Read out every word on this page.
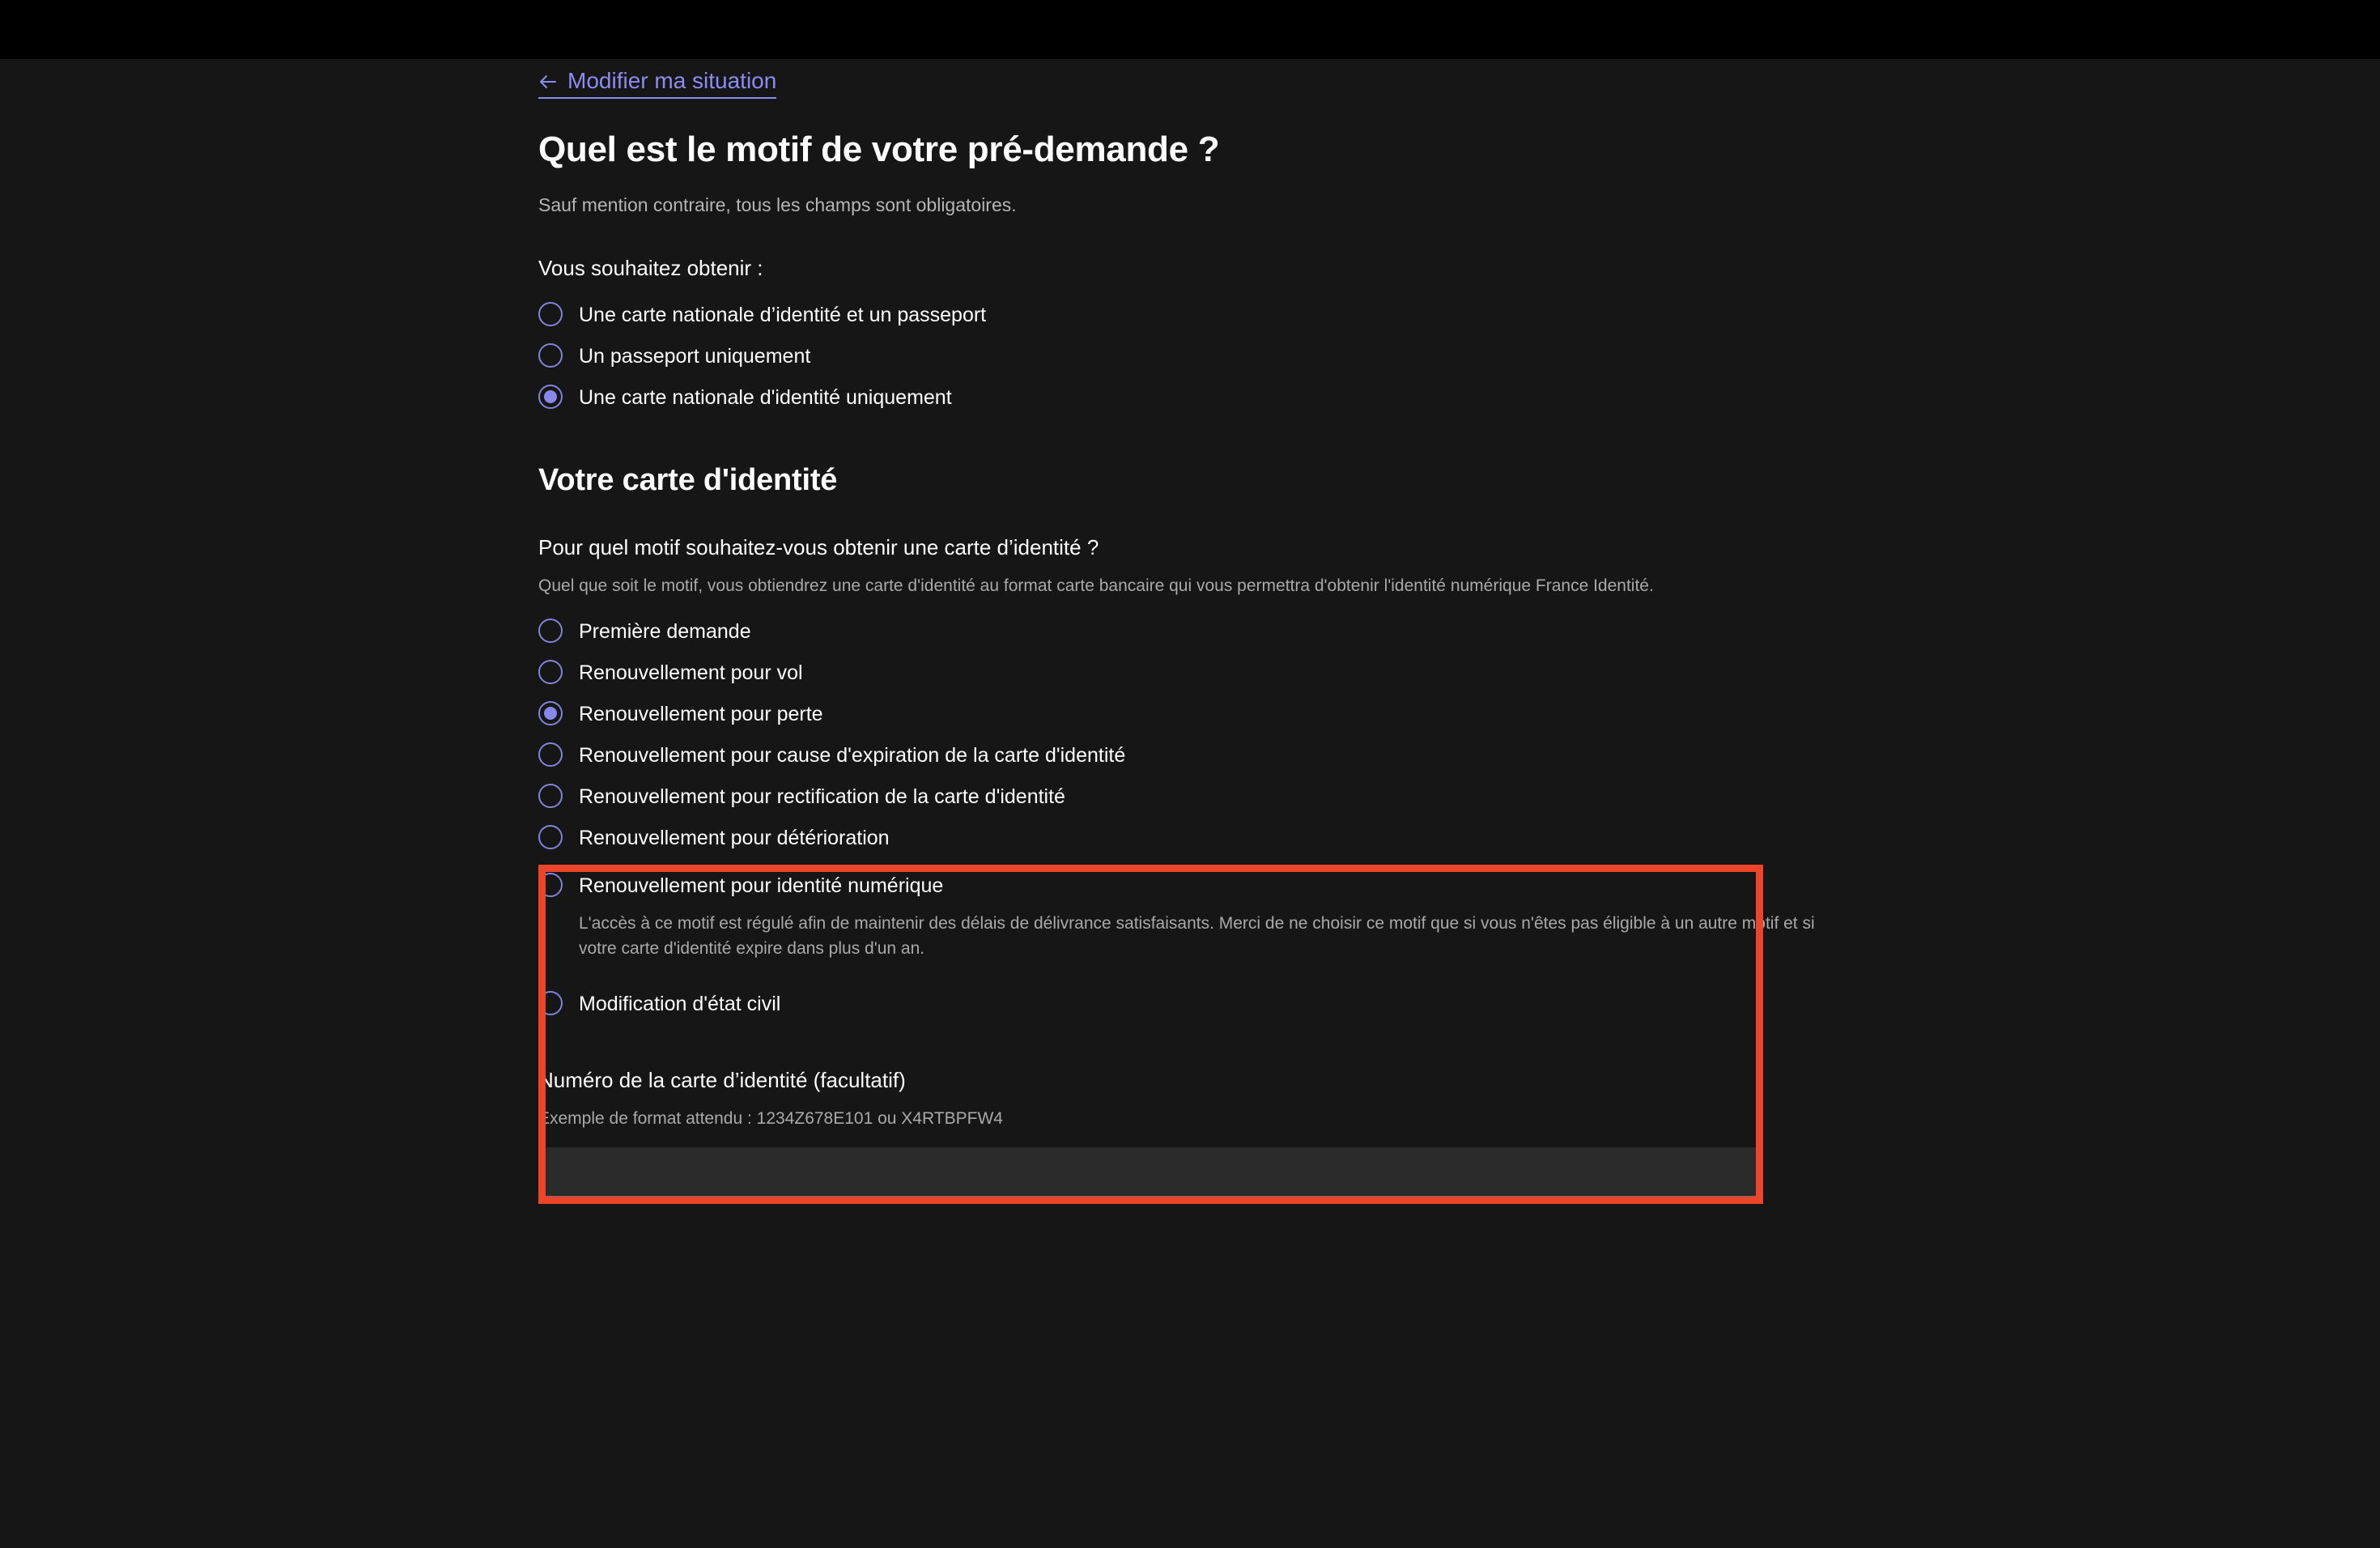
Modifier ma situation
Quel est le motif de votre pré-demande ?

Sauf mention contraire, tous les champs sont obligatoires.

Vous souhaitez obtenir :

Une carte nationale d’identité et un passeport
Un passeport uniquement
Une carte nationale d'identité uniquement
Votre carte d'identité

Pour quel motif souhaitez-vous obtenir une carte d’identité ?

Quel que soit le motif, vous obtiendrez une carte d'identité au format carte bancaire qui vous permettra d'obtenir l'identité numérique France Identité.

Première demande
Renouvellement pour vol
Renouvellement pour perte
Renouvellement pour cause d'expiration de la carte d'identité
Renouvellement pour rectification de la carte d'identité
Renouvellement pour détérioration
Renouvellement pour identité numérique
L'accès à ce motif est régulé afin de maintenir des délais de délivrance satisfaisants. Merci de ne choisir ce motif que si vous n'êtes pas éligible à un autre motif et si votre carte d'identité expire dans plus d'un an.
Modification d'état civil
Numéro de la carte d’identité (facultatif)
Exemple de format attendu : 1234Z678E101 ou X4RTBPFW4
